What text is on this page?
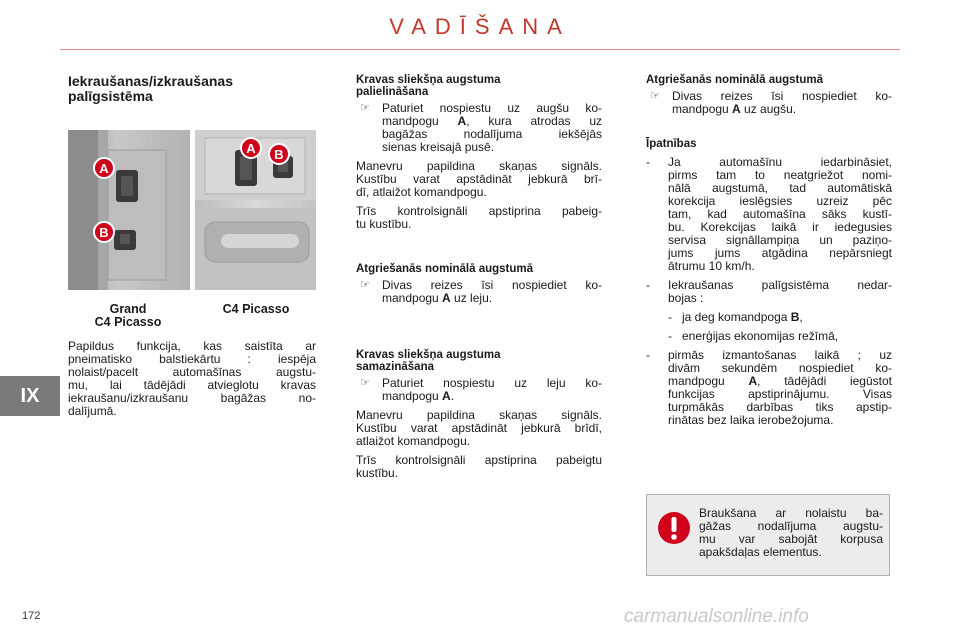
VADĪŠANA
IX
Iekraušanas/izkraušanas
palīgsistēma
A
B
A B
Grand
C4 Picasso
C4 Picasso
Papildus funkcija, kas saistīta ar
pneimatisko balstiekārtu : iespēja
nolaist/pacelt automašīnas augstu-
mu, lai tādējādi atvieglotu kravas
iekraušanu/izkraušanu bagāžas no-
dalījumā.
Kravas sliekšņa augstuma
palielināšana
☞ Paturiet nospiestu uz augšu ko-
mandpogu A, kura atrodas uz
bagāžas nodalījuma iekšējās
sienas kreisajā pusē.
Manevru papildina skaņas signāls.
Kustību varat apstādināt jebkurā brī-
dī, atlaižot komandpogu.
Trīs kontrolsignāli apstiprina pabeig-
tu kustību.
Atgriešanās nominālā augstumā
☞ Divas reizes īsi nospiediet ko-
mandpogu A uz leju.
Kravas sliekšņa augstuma
samazināšana
☞ Paturiet nospiestu uz leju ko-
mandpogu A.
Manevru papildina skaņas signāls.
Kustību varat apstādināt jebkurā brīdī,
atlaižot komandpogu.
Trīs kontrolsignāli apstiprina pabeigtu
kustību.
Atgriešanās nominālā augstumā
☞ Divas reizes īsi nospiediet ko-
mandpogu A uz augšu.
Īpatnības
- Ja automašīnu iedarbināsiet,
pirms tam to neatgriežot nomi-
nālā augstumā, tad automātiskā
korekcija ieslēgsies uzreiz pēc
tam, kad automašīna sāks kustī-
bu. Korekcijas laikā ir iedegusies
servisa signāllampiņa un paziņo-
jums jums atgādina nepārsniegt
ātrumu 10 km/h.
- Iekraušanas palīgsistēma nedar-
bojas :
- ja deg komandpoga B,
- enerģijas ekonomijas režīmā,
- pirmās izmantošanas laikā ; uz
divām sekundēm nospiediet ko-
mandpogu A, tādējādi iegūstot
funkcijas apstiprinājumu. Visas
turpmākās darbības tiks apstip-
rinātas bez laika ierobežojuma.
Braukšana ar nolaistu ba-
gāžas nodalījuma augstu-
mu var sabojāt korpusa
apakšdaļas elementus.
172	carmanualsonline.info
